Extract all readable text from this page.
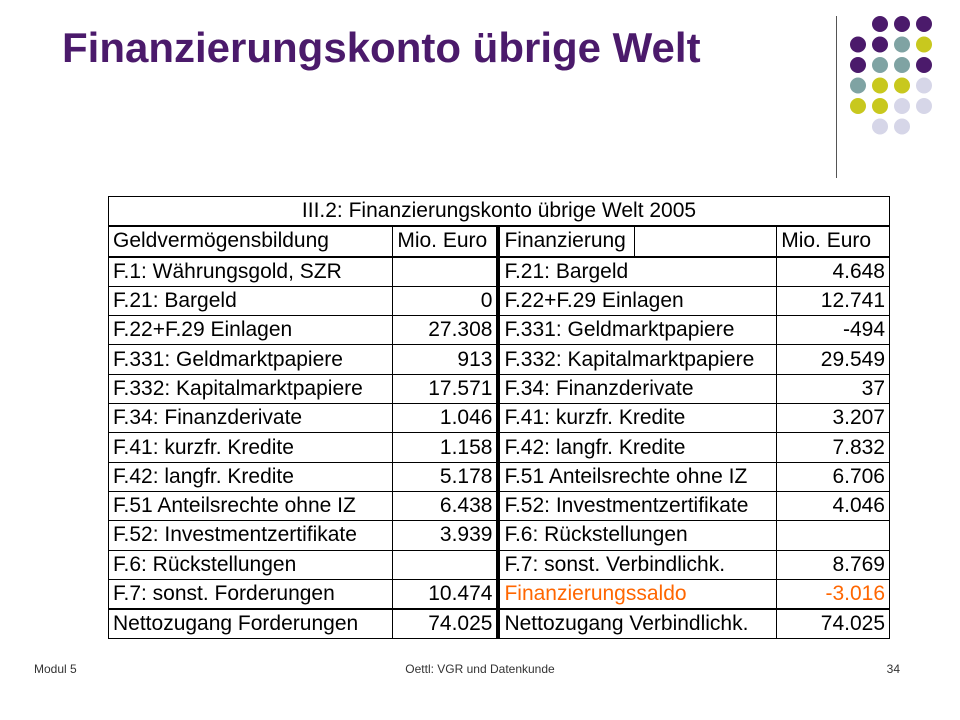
Finanzierungskonto übrige Welt
III.2: Finanzierungskonto übrige Welt 2005				
Geldvermögensbildung	Mio. Euro	Finanzierung		Mio. Euro
F.1: Währungsgold, SZR		F.21: Bargeld		4.648
F.21: Bargeld	0	F.22+F.29 Einlagen		12.741
F.22+F.29 Einlagen	27.308	F.331: Geldmarktpapiere		-494
F.331: Geldmarktpapiere	913	F.332: Kapitalmarktpapiere		29.549
F.332: Kapitalmarktpapiere	17.571	F.34: Finanzderivate		37
F.34: Finanzderivate	1.046	F.41: kurzfr. Kredite		3.207
F.41: kurzfr. Kredite	1.158	F.42: langfr. Kredite		7.832
F.42: langfr. Kredite	5.178	F.51 Anteilsrechte ohne IZ		6.706
F.51 Anteilsrechte ohne IZ	6.438	F.52: Investmentzertifikate		4.046
F.52: Investmentzertifikate	3.939	F.6: Rückstellungen		
F.6: Rückstellungen		F.7: sonst. Verbindlichk.		8.769
F.7: sonst. Forderungen	10.474	Finanzierungssaldo		-3.016
Nettozugang Forderungen	74.025	Nettozugang Verbindlichk.		74.025
Modul 5	Oettl: VGR und Datenkunde	34
